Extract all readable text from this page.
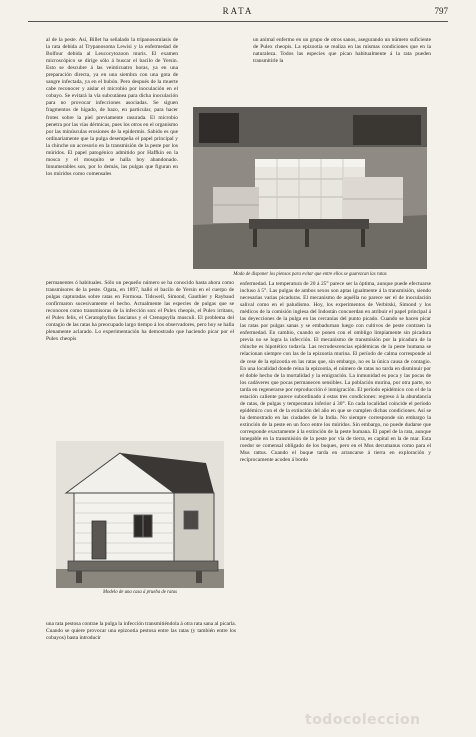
RATA	797

al de la peste. Así, Billet ha señalado la tripanosomiasis de la rata debida al Trypanosoma Lewisi y la enfermedad de Bolfour debida al Leucocytozoon muris. El examen microscópico se dirige sólo á buscar el bacilo de Yersin. Esto se descubre á las veinticuatro horas, ya en una preparación directa, ya en una siembra con una gota de sangre infectada, ya en el bubón. Pero después de la muerte cabe reconocer y aislar el microbio por inoculación en el cobayo. Se evitará la vía subcutánea para dicha inoculación para no provocar infecciones asociadas. Se siguen fragmentos de hígado, de bazo, en particular, para hacer frotes sobre la piel previamente rasurada. El microbio penetra por las vías dérmicas, pues los otros en el organismo por las minúsculas erosiones de la epidermis. Sabido es que ordinariamente que la pulga desempeña el papel principal y la chinche un accesorio en la transmisión de la peste por los múridos. El papel patogénico admitido por Haffkin en la mosca y el mosquito se halla hoy abandonado. Innumerables son, por lo demás, las pulgas que figuran en los múridos como comensales

un animal enfermo en un grupo de otros sanos, asegurando un número suficiente de Pulex cheopis. La epizootia se realiza en las mismas condiciones que en la naturaleza. Todos las especies que pican habitualmente á la rata pueden transmitirle la

Modo de disponer los piensos para evitar que entre ellos se guarezcan las ratas

permanentes ó habituales. Sólo un pequeño número se ha conocido hasta ahora como transmisores de la peste. Ogata, en 1897, halló el bacilo de Yersin en el cuerpo de pulgas capturadas sobre ratas en Formosa. Tidswell, Simond, Gauthier y Raybaud confirmaron sucesivamente el hecho. Actualmente las especies de pulgas que se reconocen como transmisoras de la infección son: el Pulex cheopis, el Pulex irritans, el Pulex felis, el Ceratophyllus fasciatus y el Ctenopsylla musculi. El problema del contagio de las ratas ha preocupado largo tiempo á los observadores, pero hoy se halla plenamente aclarado. Lo experimentación ha demostrado que haciendo picar por el Pulex cheopis

Modelo de una casa á prueba de ratas

una rata pestosa contrae la pulga la infección transmitiéndola á otra rata sana al picarla. Cuando se quiere provocar una epizootia pestosa entre las ratas (y también entre los cobayos) basta introducir

enfermedad. La temperatura de 20 á 25° parece ser la óptima, aunque puede efectuarse incluso á 5°. Las pulgas de ambos sexos son aptas igualmente á la transmisión, siendo necesarias varias picaduras. El mecanismo de aquélla no parece ser el de inoculación salival como en el paludismo. Hoy, los experimentos de Verbitski, Simond y los médicos de la comisión inglesa del Indostán concuerdan en atribuir el papel principal á las deyecciones de la pulga en las cercanías del punto picado. Cuando se hacen picar las ratas por pulgas sanas y se embadurnan luego con cultivos de peste contraen la enfermedad. En cambio, cuando se ponen con el ombligo limpiamente sin picadura previa no se logra la infección. El mecanismo de transmisión por la picadura de la chinche es hipotético todavía. Las recrudescencias epidémicas de la peste humana se relacionan siempre con las de la epizootia murina. El período de calma corresponde al de cese de la epizootia en las ratas que, sin embargo, no es la única causa de contagio. En una localidad donde reina la epizootia, el número de ratas no tarda en disminuir por el doble hecho de la mortalidad y la emigración. La inmunidad es poca y las pocas de los cadáveres que pocas permanecen sensibles. La población murina, por otra parte, no tarda en regenerarse por reproducción é inmigración. El período epidémico con el de la estación caliente parece subordinado á estas tres condiciones: regreso á la abundancia de ratas, de pulgas y temperatura inferior á 30°. En cada localidad coincide el período epidémico con el de la extinción del año en que se cumplen dichas condiciones. Así se ha demostrado en las ciudades de la India. No siempre corresponde sin embargo la extinción de la peste en un foco entre los múridos. Sin embargo, no puede dudarse que corresponde exactamente á la extinción de la peste humana. El papel de la rata, aunque innegable en la transmisión de la peste por vía de tierra, es capital en la de mar. Esta roedor se comensal obligado de los buques, pero en el Mus decumanus como para el Mus rattus. Cuando el buque tarda en arrancarse á tierra en exploración y recíprocamente acoden á bordo

todocoleccion
